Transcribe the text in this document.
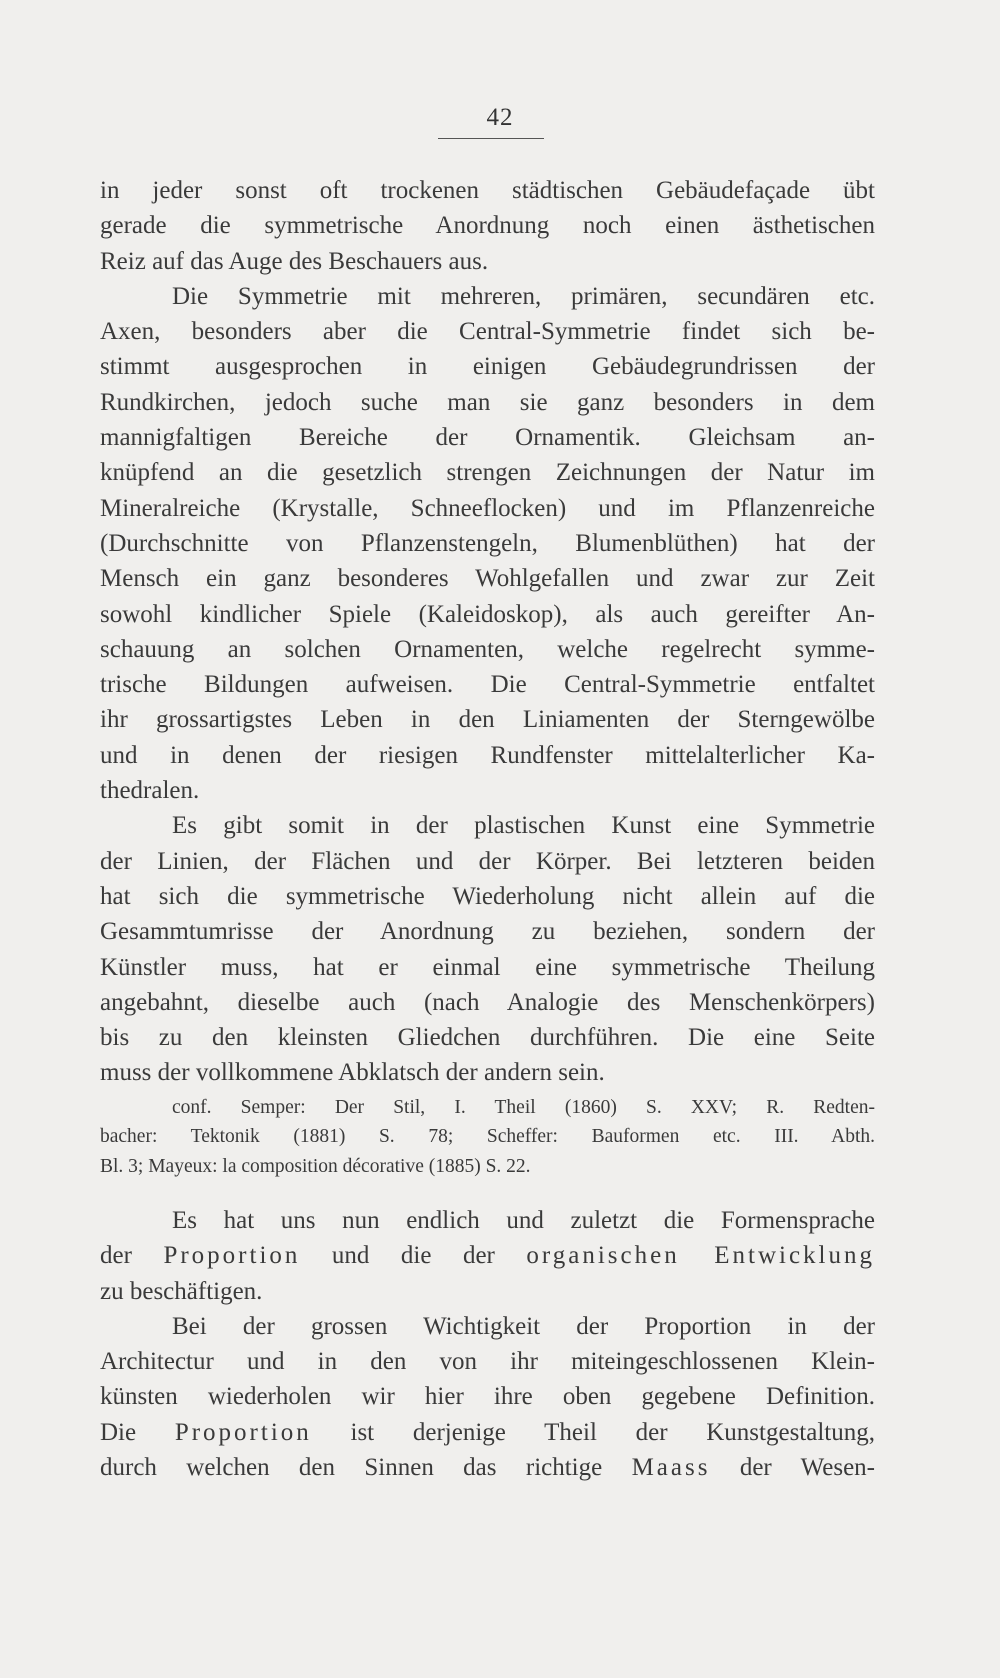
42

in jeder sonst oft trockenen städtischen Gebäudefaçade übt
gerade die symmetrische Anordnung noch einen ästhetischen
Reiz auf das Auge des Beschauers aus.

Die Symmetrie mit mehreren, primären, secundären etc.
Axen, besonders aber die Central-Symmetrie findet sich be-
stimmt ausgesprochen in einigen Gebäudegrundrissen der
Rundkirchen, jedoch suche man sie ganz besonders in dem
mannigfaltigen Bereiche der Ornamentik. Gleichsam an-
knüpfend an die gesetzlich strengen Zeichnungen der Natur im
Mineralreiche (Krystalle, Schneeflocken) und im Pflanzenreiche
(Durchschnitte von Pflanzenstengeln, Blumenblüthen) hat der
Mensch ein ganz besonderes Wohlgefallen und zwar zur Zeit
sowohl kindlicher Spiele (Kaleidoskop), als auch gereifter An-
schauung an solchen Ornamenten, welche regelrecht symme-
trische Bildungen aufweisen. Die Central-Symmetrie entfaltet
ihr grossartigstes Leben in den Liniamenten der Sterngewölbe
und in denen der riesigen Rundfenster mittelalterlicher Ka-
thedralen.

Es gibt somit in der plastischen Kunst eine Symmetrie
der Linien, der Flächen und der Körper. Bei letzteren beiden
hat sich die symmetrische Wiederholung nicht allein auf die
Gesammtumrisse der Anordnung zu beziehen, sondern der
Künstler muss, hat er einmal eine symmetrische Theilung
angebahnt, dieselbe auch (nach Analogie des Menschenkörpers)
bis zu den kleinsten Gliedchen durchführen. Die eine Seite
muss der vollkommene Abklatsch der andern sein.

conf. Semper: Der Stil, I. Theil (1860) S. XXV; R. Redten-
bacher: Tektonik (1881) S. 78; Scheffer: Bauformen etc. III. Abth.
Bl. 3; Mayeux: la composition décorative (1885) S. 22.

Es hat uns nun endlich und zuletzt die Formensprache
der Proportion und die der organischen Entwicklung
zu beschäftigen.

Bei der grossen Wichtigkeit der Proportion in der
Architectur und in den von ihr miteingeschlossenen Klein-
künsten wiederholen wir hier ihre oben gegebene Definition.
Die Proportion ist derjenige Theil der Kunstgestaltung,
durch welchen den Sinnen das richtige Maass der Wesen-
